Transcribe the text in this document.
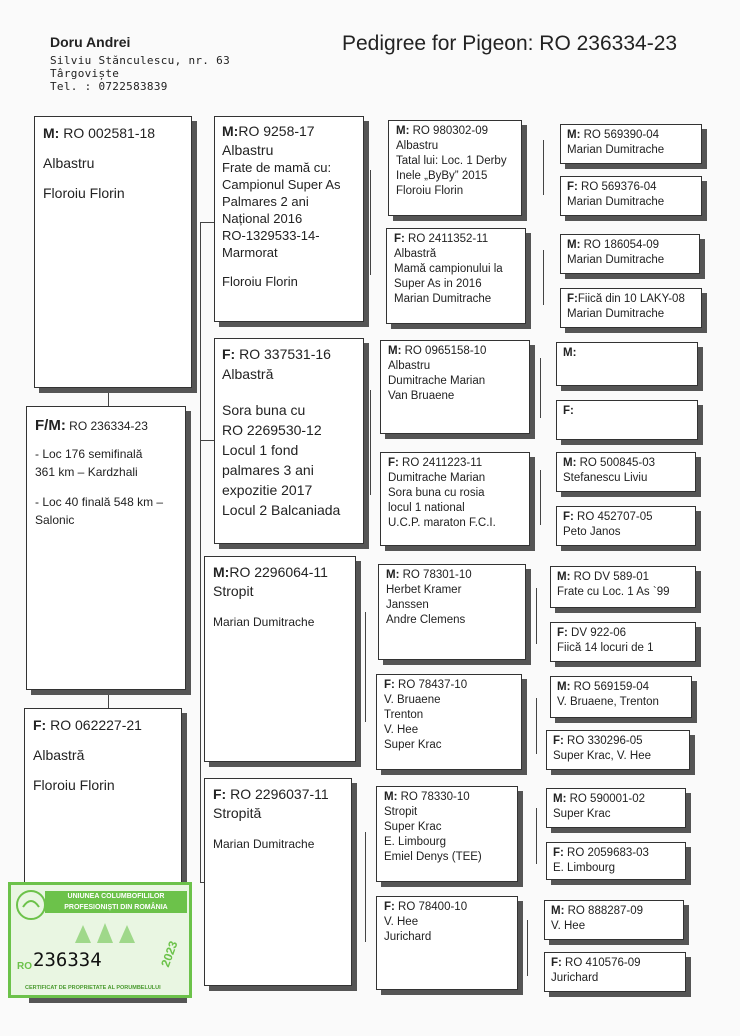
Doru Andrei
Silviu Stănculescu, nr. 63
Târgoviște
Tel. : 0722583839
Pedigree for Pigeon: RO 236334-23
M: RO 002581-18
Albastru
Floroiu Florin
F/M: RO 236334-23
- Loc 176 semifinală
361 km – Kardzhali
- Loc 40 finală 548 km –
Salonic
F: RO 062227-21
Albastră
Floroiu Florin
M:RO 9258-17
Albastru
Frate de mamă cu:
Campionul Super As
Palmares 2 ani
Național 2016
RO-1329533-14-
Marmorat
Floroiu Florin
F: RO 337531-16
Albastră
Sora buna cu
RO 2269530-12
Locul 1 fond
palmares 3 ani
expozitie 2017
Locul 2 Balcaniada
M:RO 2296064-11
Stropit
Marian Dumitrache
F: RO 2296037-11
Stropită
Marian Dumitrache
M: RO 980302-09
Albastru
Tatal lui: Loc. 1 Derby
Inele „ByBy” 2015
Floroiu Florin
F: RO 2411352-11
Albastră
Mamă campionului la
Super As in 2016
Marian Dumitrache
M: RO 0965158-10
Albastru
Dumitrache Marian
Van Bruaene
F: RO 2411223-11
Dumitrache Marian
Sora buna cu rosia
locul 1 national
U.C.P. maraton F.C.I.
M: RO 78301-10
Herbet Kramer
Janssen
Andre Clemens
F: RO 78437-10
V. Bruaene
Trenton
V. Hee
Super Krac
M: RO 78330-10
Stropit
Super Krac
E. Limbourg
Emiel Denys (TEE)
F: RO 78400-10
V. Hee
Jurichard
M: RO 569390-04
Marian Dumitrache
F: RO 569376-04
Marian Dumitrache
M: RO 186054-09
Marian Dumitrache
F:Fiică din 10 LAKY-08
Marian Dumitrache
M:
F:
M: RO 500845-03
Stefanescu Liviu
F: RO 452707-05
Peto Janos
M: RO DV 589-01
Frate cu Loc. 1 As `99
F: DV 922-06
Fiică 14 locuri de 1
M: RO 569159-04
V. Bruaene, Trenton
F: RO 330296-05
Super Krac, V. Hee
M: RO 590001-02
Super Krac
F: RO 2059683-03
E. Limbourg
M: RO 888287-09
V. Hee
F: RO 410576-09
Jurichard
UNIUNEA COLUMBOFILILOR PROFESIONIȘTI DIN ROMÂNIA
RO 236334	2023
CERTIFICAT DE PROPRIETATE AL PORUMBELULUI
